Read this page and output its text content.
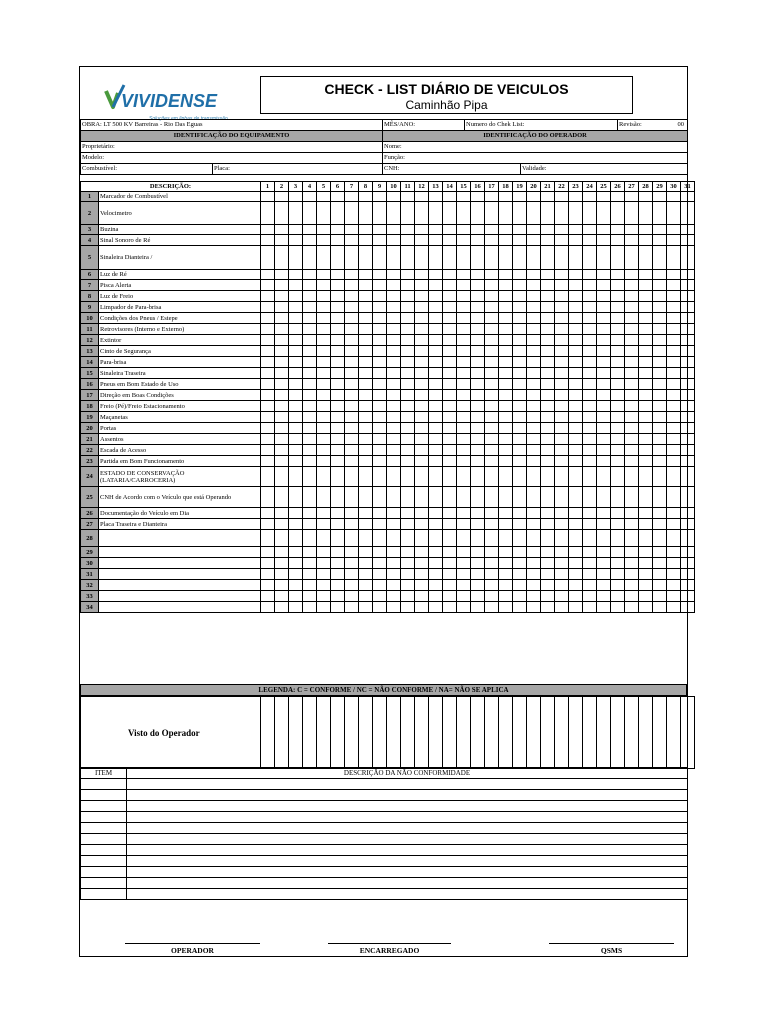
VIVIDENSE
Soluções em linhas de transmissão
CHECK - LIST DIÁRIO DE VEICULOS
Caminhão Pipa
OBRA: LT 500 KV Barreiras - Rio Das Eguas		MÊS/ANO:	Numero do Chek List:		Revisão: 00

IDENTIFICAÇÃO DO EQUIPAMENTO		IDENTIFICAÇÃO DO OPERADOR			
Proprietário:		Nome:			
Modelo:		Função:			
Combustível:	Placa:	CNH:		Validade:	
DESCRIÇÃO:		1	2	3	4	5	6	7	8	9	10	11	12	13	14	15	16	17	18	19	20	21	22	23	24	25	26	27	28	29	30	31
1	Marcador de Combustível																															
2	Velocimetro																															
3	Buzina																															
4	Sinal Sonoro de Ré																															
5	Sinaleira Dianteira /																															
6	Luz de Ré																															
7	Pisca Alerta																															
8	Luz de Freio																															
9	Limpador de Para-brisa																															
10	Condições dos Pneus / Estepe																															
11	Retrovisores (Interno e Externo)																															
12	Extintor																															
13	Cinto de Segurança																															
14	Para-brisa																															
15	Sinaleira Traseira																															
16	Pneus em Bom Estado de Uso																															
17	Direção em Boas Condições																															
18	Freio (Pé)/Freio Estacionamento																															
19	Maçanetas																															
20	Portas																															
21	Assentos																															
22	Escada de Acesso																															
23	Partida em Bom Funcionamento																															
24	ESTADO DE CONSERVAÇÃO (LATARIA/CARROCERIA)																															
25	CNH de Acordo com o Veículo que está Operando																															
26	Documentação do Veículo em Dia																															
27	Placa Traseira e Dianteira																															
28																																
29																																
30																																
31																																
32																																
33																																
34																																
LEGENDA: C = CONFORME / NC = NÃO CONFORME / NA= NÃO SE APLICA
Visto do Operador																															
ITEM	DESCRIÇÃO DA NÃO CONFORMIDADE

OPERADOR	ENCARREGADO	QSMS
